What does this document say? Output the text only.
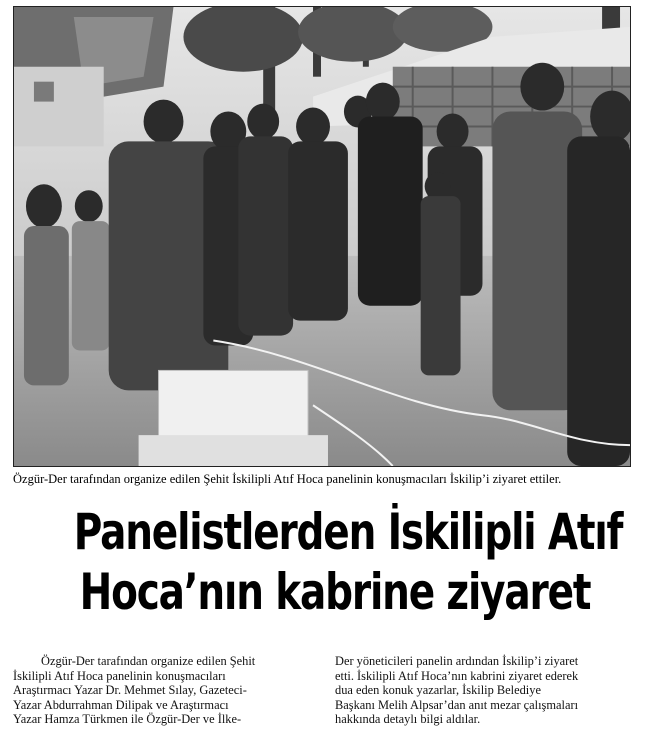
Özgür-Der tarafından organize edilen Şehit İskilipli Atıf Hoca panelinin konuşmacıları İskilip’i ziyaret ettiler.
Panelistlerden İskilipli Atıf
Hoca’nın kabrine ziyaret
Özgür-Der tarafından organize edilen Şehit
İskilipli Atıf Hoca panelinin konuşmacıları
Araştırmacı Yazar Dr. Mehmet Sılay, Gazeteci-
Yazar Abdurrahman Dilipak ve Araştırmacı
Yazar Hamza Türkmen ile Özgür-Der ve İlke-
Der yöneticileri panelin ardından İskilip’i ziyaret
etti. İskilipli Atıf Hoca’nın kabrini ziyaret ederek
dua eden konuk yazarlar, İskilip Belediye
Başkanı Melih Alpsar’dan anıt mezar çalışmaları
hakkında detaylı bilgi aldılar.
